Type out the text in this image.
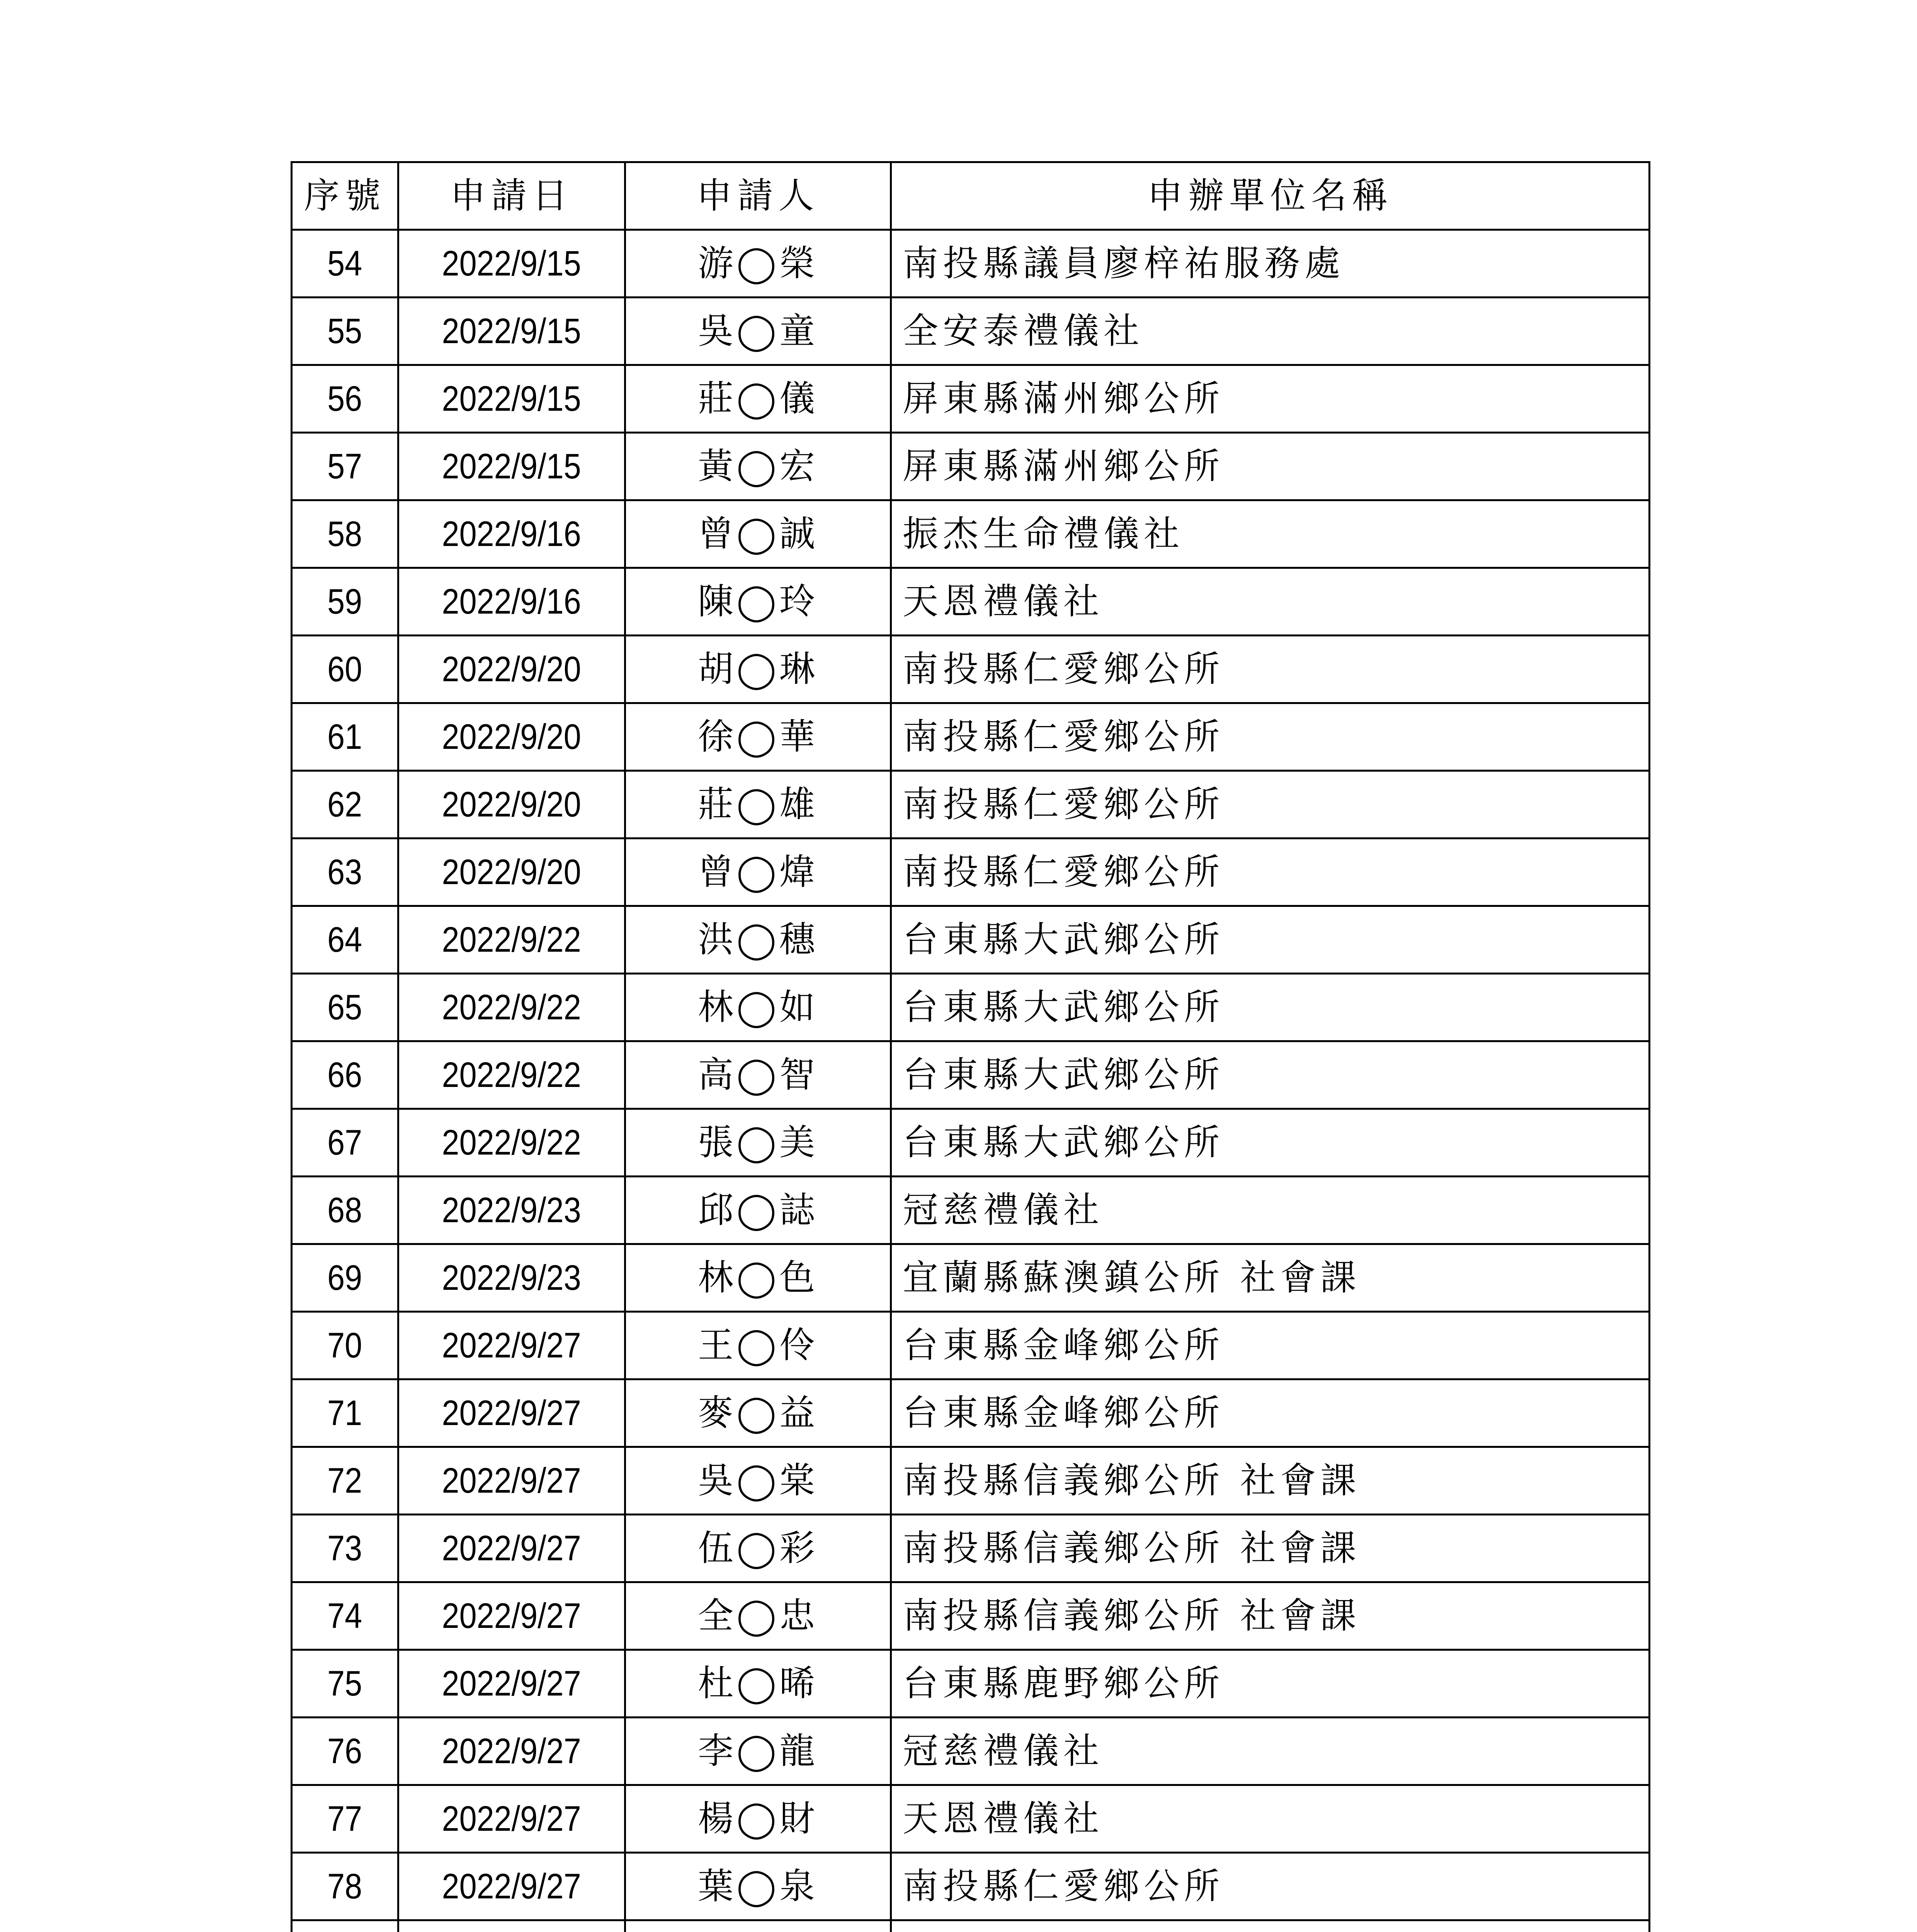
序號	申請日	申請人	申辦單位名稱
54	2022/9/15	游◯榮	南投縣議員廖梓祐服務處
55	2022/9/15	吳◯童	全安泰禮儀社
56	2022/9/15	莊◯儀	屏東縣滿州鄉公所
57	2022/9/15	黃◯宏	屏東縣滿州鄉公所
58	2022/9/16	曾◯誠	振杰生命禮儀社
59	2022/9/16	陳◯玲	天恩禮儀社
60	2022/9/20	胡◯琳	南投縣仁愛鄉公所
61	2022/9/20	徐◯華	南投縣仁愛鄉公所
62	2022/9/20	莊◯雄	南投縣仁愛鄉公所
63	2022/9/20	曾◯煒	南投縣仁愛鄉公所
64	2022/9/22	洪◯穗	台東縣大武鄉公所
65	2022/9/22	林◯如	台東縣大武鄉公所
66	2022/9/22	高◯智	台東縣大武鄉公所
67	2022/9/22	張◯美	台東縣大武鄉公所
68	2022/9/23	邱◯誌	冠慈禮儀社
69	2022/9/23	林◯色	宜蘭縣蘇澳鎮公所 社會課
70	2022/9/27	王◯伶	台東縣金峰鄉公所
71	2022/9/27	麥◯益	台東縣金峰鄉公所
72	2022/9/27	吳◯棠	南投縣信義鄉公所 社會課
73	2022/9/27	伍◯彩	南投縣信義鄉公所 社會課
74	2022/9/27	全◯忠	南投縣信義鄉公所 社會課
75	2022/9/27	杜◯晞	台東縣鹿野鄉公所
76	2022/9/27	李◯龍	冠慈禮儀社
77	2022/9/27	楊◯財	天恩禮儀社
78	2022/9/27	葉◯泉	南投縣仁愛鄉公所
